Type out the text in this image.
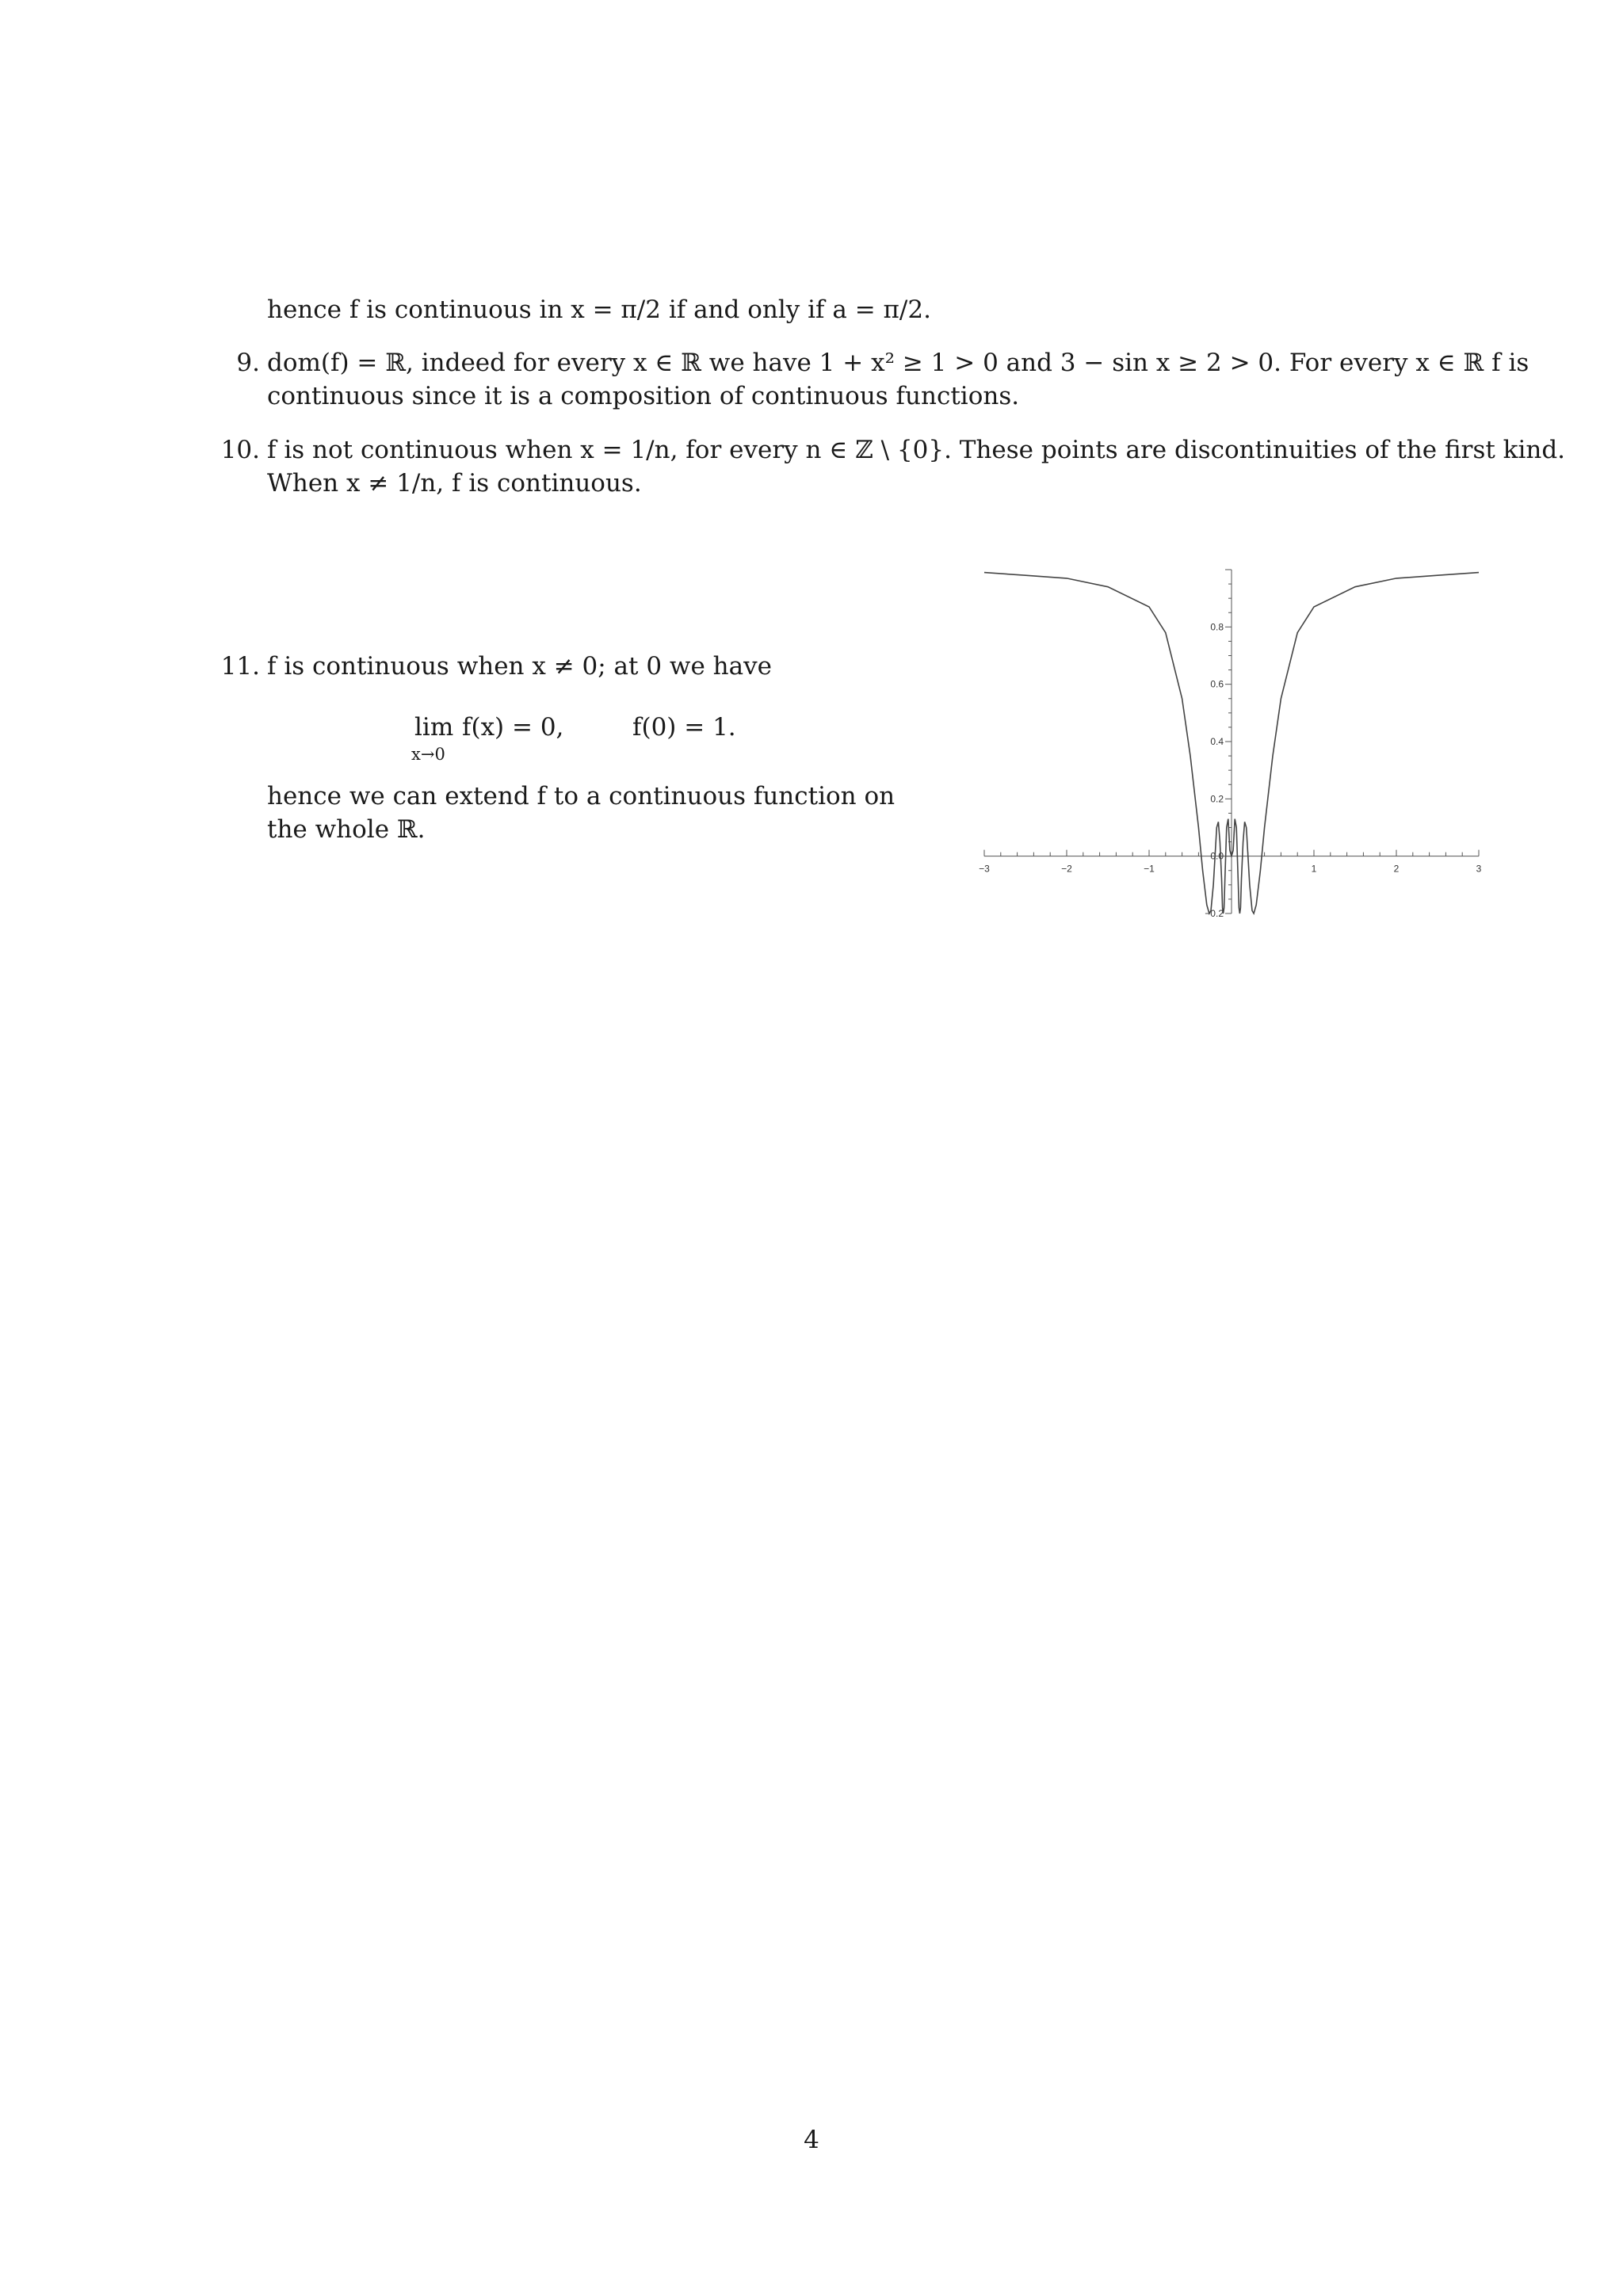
hence f is continuous in x = π/2 if and only if a = π/2.
9. dom(f) = ℝ, indeed for every x ∈ ℝ we have 1 + x² ≥ 1 > 0 and 3 − sin x ≥ 2 > 0. For every x ∈ ℝ f is
continuous since it is a composition of continuous functions.
10. f is not continuous when x = 1/n, for every n ∈ ℤ \ {0}. These points are discontinuities of the first kind.
When x ≠ 1/n, f is continuous.
11. f is continuous when x ≠ 0; at 0 we have
lim
x→0
f(x) = 0,	f(0) = 1.
hence we can extend f to a continuous function on
the whole ℝ.
−3	−2	−1	1	2	3
−0.2
0.0
0.2
0.4
0.6
0.8
4
